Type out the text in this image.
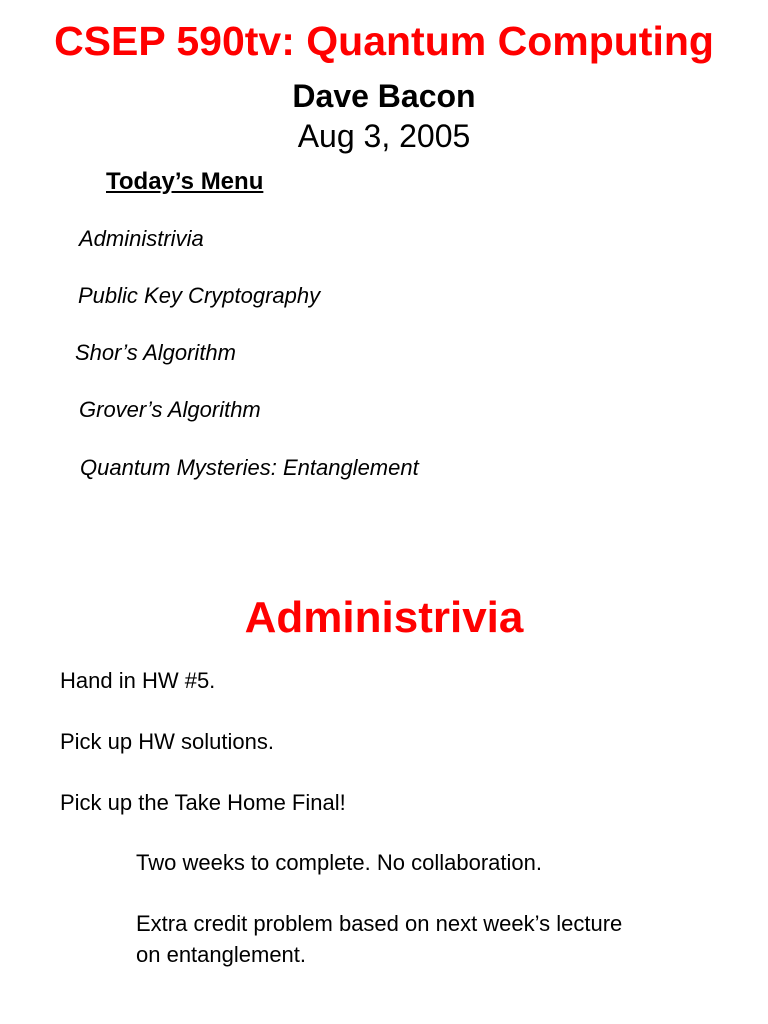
CSEP 590tv: Quantum Computing
Dave Bacon
Aug 3, 2005
Today’s Menu
Administrivia
Public Key Cryptography
Shor’s Algorithm
Grover’s Algorithm
Quantum Mysteries: Entanglement
Administrivia
Hand in HW #5.
Pick up HW solutions.
Pick up the Take Home Final!
Two weeks to complete. No collaboration.
Extra credit problem based on next week’s lecture
on entanglement.
